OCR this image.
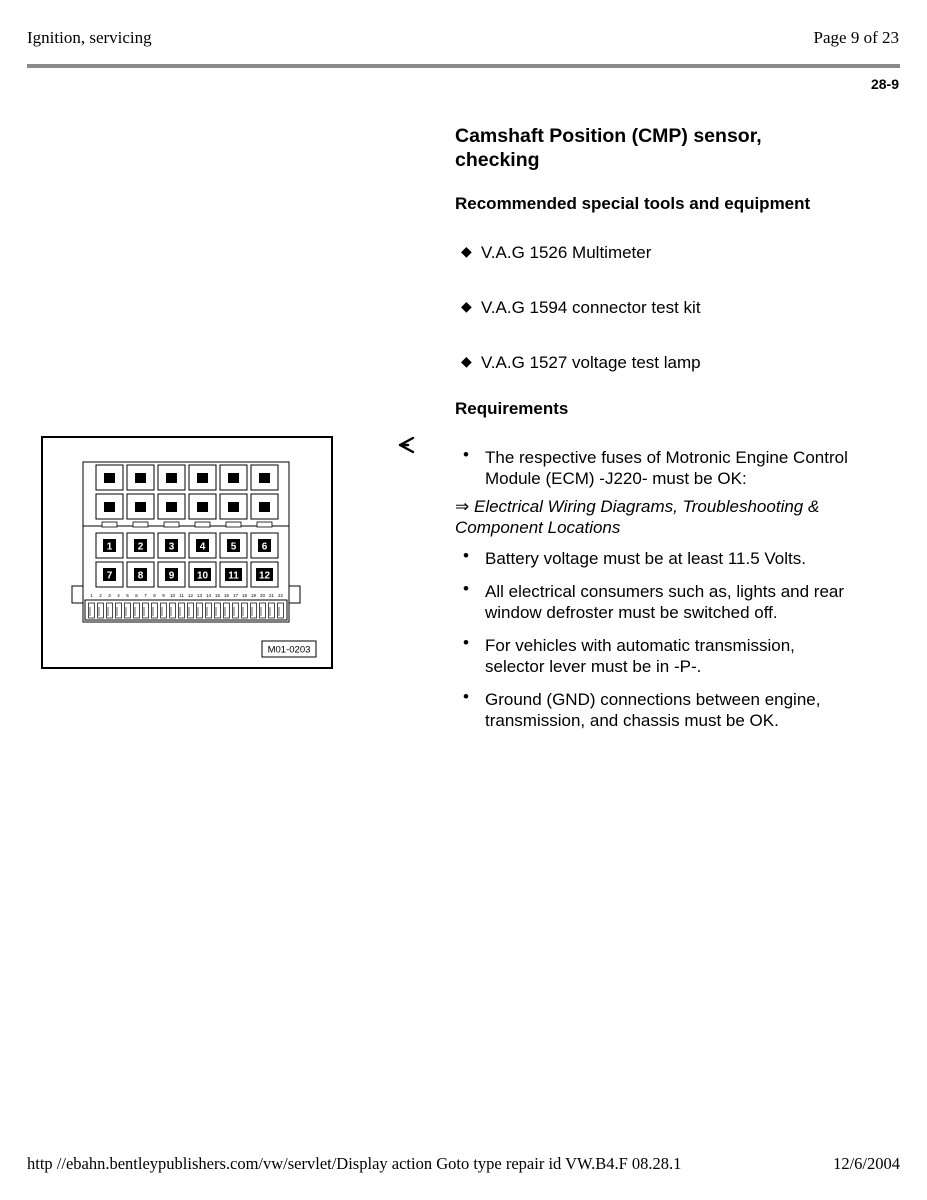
Ignition, servicing	Page 9 of 23
28-9
Camshaft Position (CMP) sensor,
checking
Recommended special tools and equipment
◆ V.A.G 1526 Multimeter
◆ V.A.G 1594 connector test kit
◆ V.A.G 1527 voltage test lamp
Requirements
• The respective fuses of Motronic Engine Control
Module (ECM) -J220- must be OK:
⇒ Electrical Wiring Diagrams, Troubleshooting &
Component Locations
• Battery voltage must be at least 11.5 Volts.
• All electrical consumers such as, lights and rear
window defroster must be switched off.
• For vehicles with automatic transmission,
selector lever must be in -P-.
• Ground (GND) connections between engine,
transmission, and chassis must be OK.
1	2	3	4	5	6
7	8	9 10 11 12
1 2 3 4 5 6 7 8 9 10 11 12 13 14 15 16 17 18 19 20 21 22
M01-0203
http //ebahn.bentleypublishers.com/vw/servlet/Display action Goto type repair id VW.B4.F 08.28.1	12/6/2004
